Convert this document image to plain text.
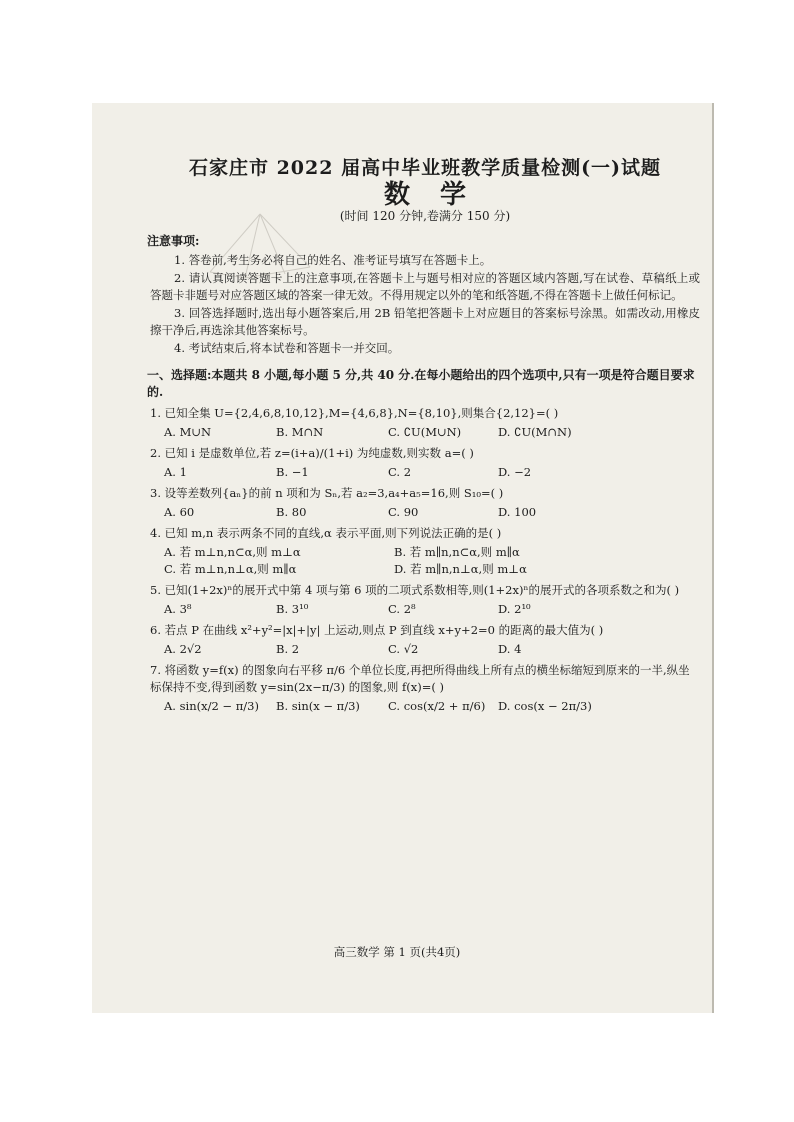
石家庄市 2022 届高中毕业班教学质量检测(一)试题
数学
(时间 120 分钟,卷满分 150 分)
注意事项:

1. 答卷前,考生务必将自己的姓名、准考证号填写在答题卡上。

2. 请认真阅读答题卡上的注意事项,在答题卡上与题号相对应的答题区域内答题,写在试卷、草稿纸上或答题卡非题号对应答题区域的答案一律无效。不得用规定以外的笔和纸答题,不得在答题卡上做任何标记。

3. 回答选择题时,选出每小题答案后,用 2B 铅笔把答题卡上对应题目的答案标号涂黑。如需改动,用橡皮擦干净后,再选涂其他答案标号。

4. 考试结束后,将本试卷和答题卡一并交回。

一、选择题:本题共 8 小题,每小题 5 分,共 40 分.在每小题给出的四个选项中,只有一项是符合题目要求的.
1. 已知全集 U={2,4,6,8,10,12},M={4,6,8},N={8,10},则集合{2,12}=( )
A. M∪N	B. M∩N	C. ∁U(M∪N)	D. ∁U(M∩N)
2. 已知 i 是虚数单位,若 z=(i+a)/(1+i) 为纯虚数,则实数 a=( )
A. 1	B. −1	C. 2	D. −2
3. 设等差数列{aₙ}的前 n 项和为 Sₙ,若 a₂=3,a₄+a₅=16,则 S₁₀=( )
A. 60	B. 80	C. 90	D. 100
4. 已知 m,n 表示两条不同的直线,α 表示平面,则下列说法正确的是( )
A. 若 m⊥n,n⊂α,则 m⊥α	B. 若 m∥n,n⊂α,则 m∥α
C. 若 m⊥n,n⊥α,则 m∥α	D. 若 m∥n,n⊥α,则 m⊥α
5. 已知(1+2x)ⁿ的展开式中第 4 项与第 6 项的二项式系数相等,则(1+2x)ⁿ的展开式的各项系数之和为( )
A. 3⁸	B. 3¹⁰	C. 2⁸	D. 2¹⁰
6. 若点 P 在曲线 x²+y²=|x|+|y| 上运动,则点 P 到直线 x+y+2=0 的距离的最大值为( )
A. 2√2	B. 2	C. √2	D. 4
7. 将函数 y=f(x) 的图象向右平移 π/6 个单位长度,再把所得曲线上所有点的横坐标缩短到原来的一半,纵坐标保持不变,得到函数 y=sin(2x−π/3) 的图象,则 f(x)=( )
A. sin(x/2 − π/3)	B. sin(x − π/3)	C. cos(x/2 + π/6)	D. cos(x − 2π/3)
高三数学 第 1 页(共4页)
